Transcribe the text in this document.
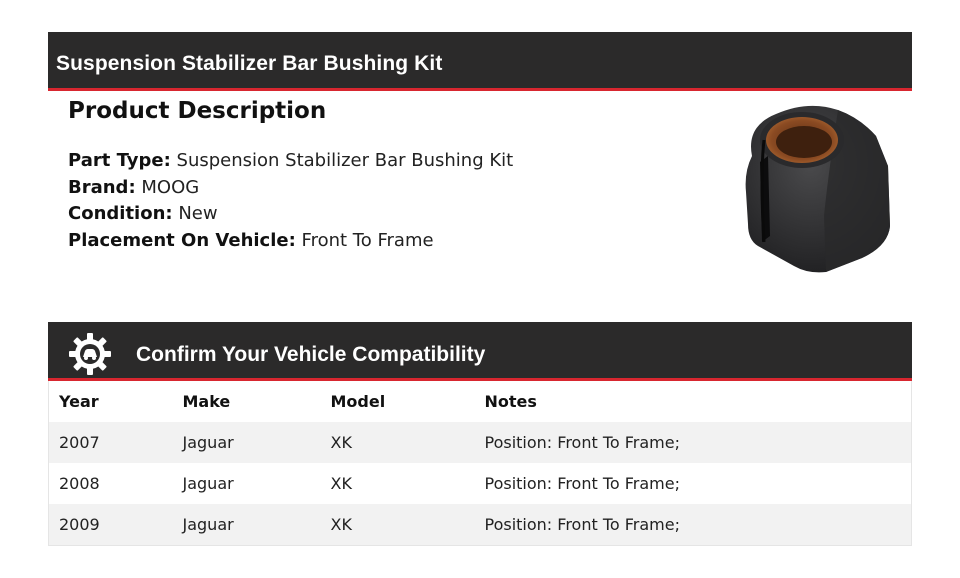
Suspension Stabilizer Bar Bushing Kit
Product Description
Part Type: Suspension Stabilizer Bar Bushing Kit
Brand: MOOG
Condition: New
Placement On Vehicle: Front To Frame
Confirm Your Vehicle Compatibility
Year	Make	Model	Notes
2007	Jaguar	XK	Position: Front To Frame;
2008	Jaguar	XK	Position: Front To Frame;
2009	Jaguar	XK	Position: Front To Frame;
